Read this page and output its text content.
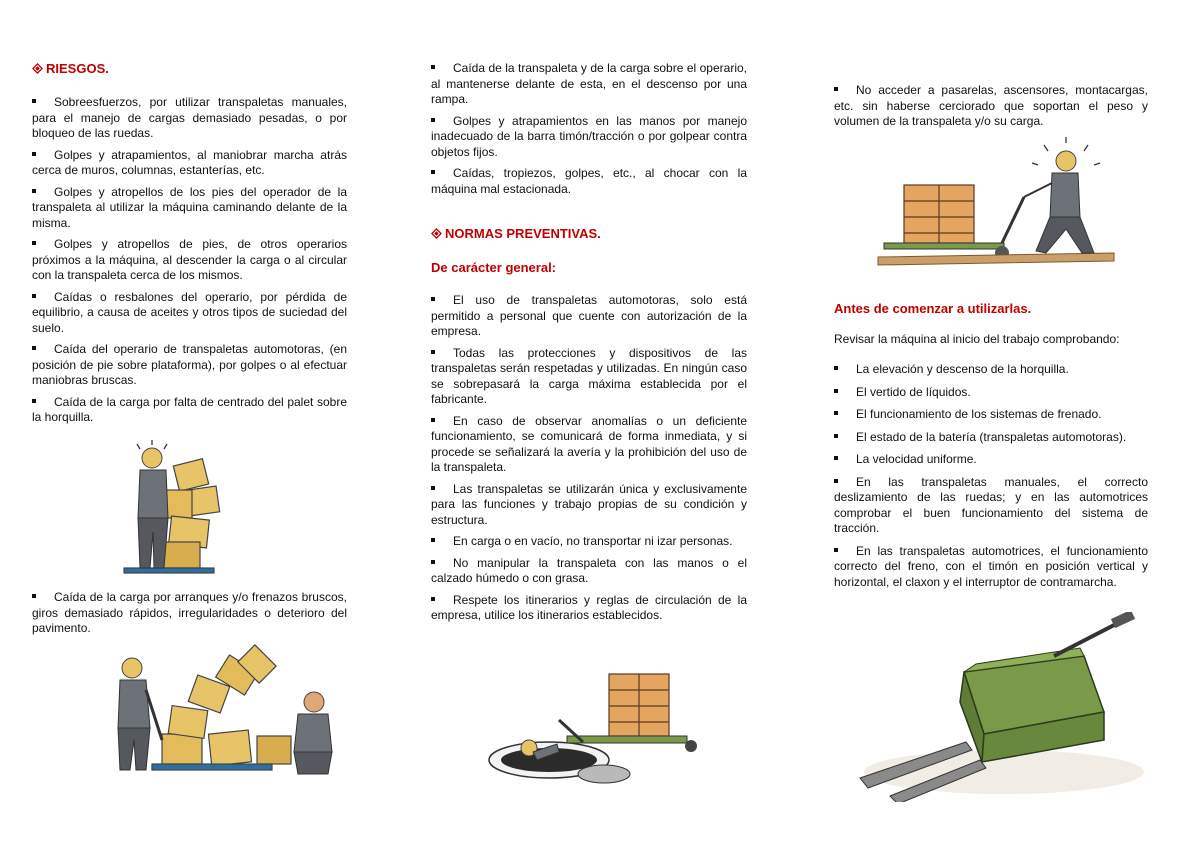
RIESGOS.
Sobreesfuerzos, por utilizar transpaletas manuales, para el manejo de cargas demasiado pesadas, o por bloqueo de las ruedas.
Golpes y atrapamientos, al maniobrar marcha atrás cerca de muros, columnas, estanterías, etc.
Golpes y atropellos de los pies del operador de la transpaleta al utilizar la máquina caminando delante de la misma.
Golpes y atropellos de pies, de otros operarios próximos a la máquina, al descender la carga o al circular con la transpaleta cerca de los mismos.
Caídas o resbalones del operario, por pérdida de equilibrio, a causa de aceites y otros tipos de suciedad del suelo.
Caída del operario de transpaletas automotoras, (en posición de pie sobre plataforma), por golpes o al efectuar maniobras bruscas.
Caída de la carga por falta de centrado del palet sobre la horquilla.
Caída de la carga por arranques y/o frenazos bruscos, giros demasiado rápidos, irregularidades o deterioro del pavimento.
Caída de la transpaleta y de la carga sobre el operario, al mantenerse delante de esta, en el descenso por una rampa.
Golpes y atrapamientos en las manos por manejo inadecuado de la barra timón/tracción o por golpear contra objetos fijos.
Caídas, tropiezos, golpes, etc., al chocar con la máquina mal estacionada.
NORMAS PREVENTIVAS.
De carácter general:
El uso de transpaletas automotoras, solo está permitido a personal que cuente con autorización de la empresa.
Todas las protecciones y dispositivos de las transpaletas serán respetadas y utilizadas. En ningún caso se sobrepasará la carga máxima establecida por el fabricante.
En caso de observar anomalías o un deficiente funcionamiento, se comunicará de forma inmediata, y si procede se señalizará la avería y la prohibición del uso de la transpaleta.
Las transpaletas se utilizarán única y exclusivamente para las funciones y trabajo propias de su condición y estructura.
En carga o en vacío, no transportar ni izar personas.
No manipular la transpaleta con las manos o el calzado húmedo o con grasa.
Respete los itinerarios y reglas de circulación de la empresa, utilice los itinerarios establecidos.
No acceder a pasarelas, ascensores, montacargas, etc. sin haberse cerciorado que soportan el peso y volumen de la transpaleta y/o su carga.
Antes de comenzar a utilizarlas.
Revisar la máquina al inicio del trabajo comprobando:
La elevación y descenso de la horquilla.
El vertido de líquidos.
El funcionamiento de los sistemas de frenado.
El estado de la batería (transpaletas automotoras).
La velocidad uniforme.
En las transpaletas manuales, el correcto deslizamiento de las ruedas; y en las automotrices comprobar el buen funcionamiento del sistema de tracción.
En las transpaletas automotrices, el funcionamiento correcto del freno, con el timón en posición vertical y horizontal, el claxon y el interruptor de contramarcha.
